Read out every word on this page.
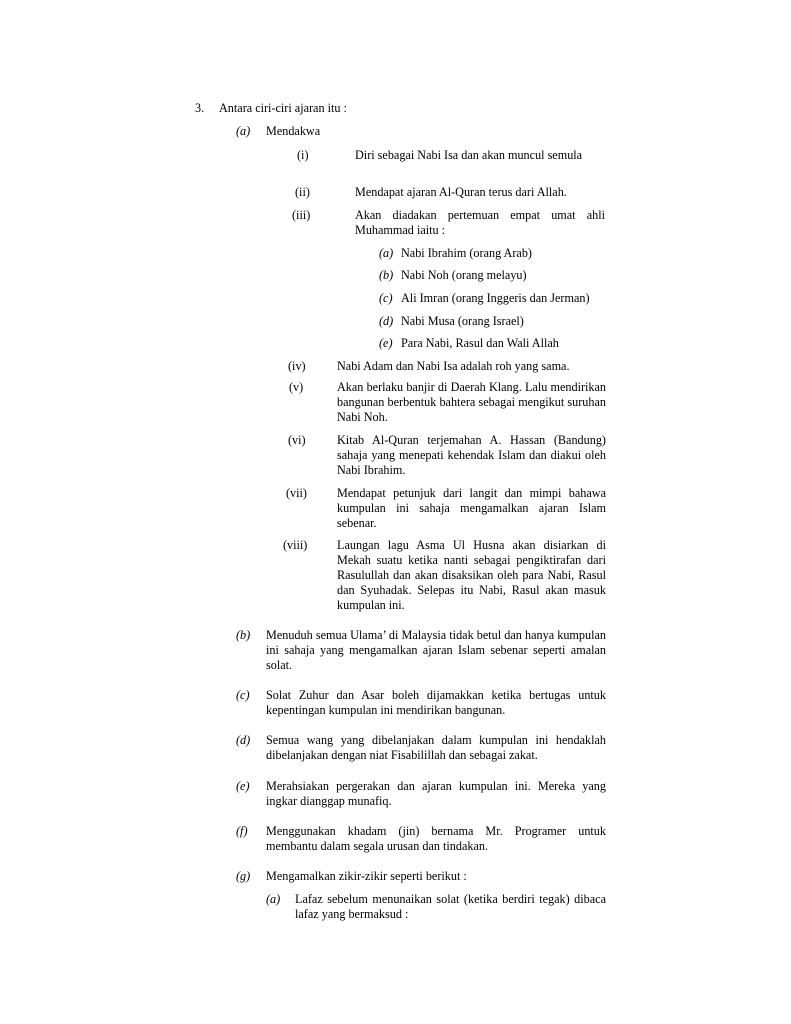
3. Antara ciri-ciri ajaran itu :
(a) Mendakwa
(i)	Diri sebagai Nabi Isa dan akan muncul semula
(ii)	Mendapat ajaran Al-Quran terus dari Allah.
(iii)	Akan diadakan pertemuan empat umat ahli Muhammad iaitu :
(a) Nabi Ibrahim (orang Arab)
(b) Nabi Noh (orang melayu)
(c) Ali Imran (orang Inggeris dan Jerman)
(d) Nabi Musa (orang Israel)
(e) Para Nabi, Rasul dan Wali Allah
(iv)	Nabi Adam dan Nabi Isa adalah roh yang sama.
(v)	Akan berlaku banjir di Daerah Klang. Lalu mendirikan bangunan berbentuk bahtera sebagai mengikut suruhan Nabi Noh.
(vi)	Kitab Al-Quran terjemahan A. Hassan (Bandung) sahaja yang menepati kehendak Islam dan diakui oleh Nabi Ibrahim.
(vii) Mendapat petunjuk dari langit dan mimpi bahawa kumpulan ini sahaja mengamalkan ajaran Islam sebenar.
(viii) Laungan lagu Asma Ul Husna akan disiarkan di Mekah suatu ketika nanti sebagai pengiktirafan dari Rasulullah dan akan disaksikan oleh para Nabi, Rasul dan Syuhadak. Selepas itu Nabi, Rasul akan masuk kumpulan ini.
(b) Menuduh semua Ulama’ di Malaysia tidak betul dan hanya kumpulan ini sahaja yang mengamalkan ajaran Islam sebenar seperti amalan solat.
(c) Solat Zuhur dan Asar boleh dijamakkan ketika bertugas untuk kepentingan kumpulan ini mendirikan bangunan.
(d) Semua wang yang dibelanjakan dalam kumpulan ini hendaklah dibelanjakan dengan niat Fisabilillah dan sebagai zakat.
(e) Merahsiakan pergerakan dan ajaran kumpulan ini. Mereka yang ingkar dianggap munafiq.
(f) Menggunakan khadam (jin) bernama Mr. Programer untuk membantu dalam segala urusan dan tindakan.
(g) Mengamalkan zikir-zikir seperti berikut :
(a) Lafaz sebelum menunaikan solat (ketika berdiri tegak) dibaca lafaz yang bermaksud :
